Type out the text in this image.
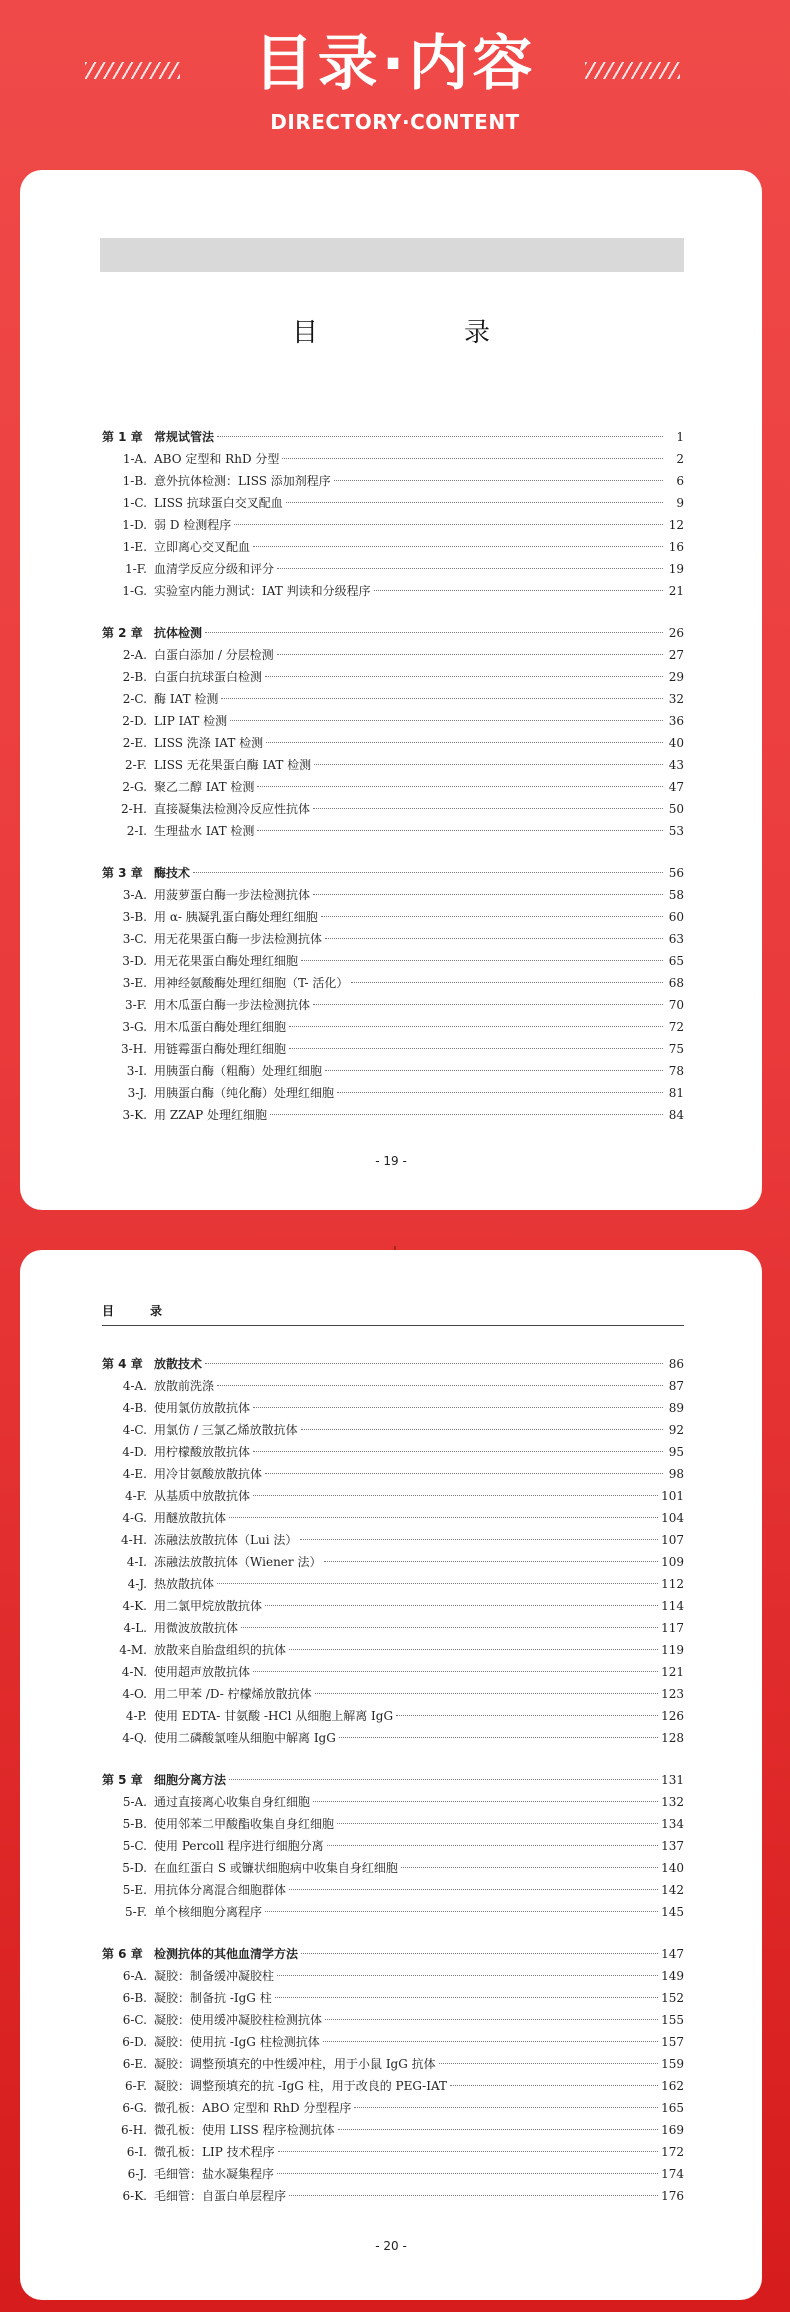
目录·内容
DIRECTORY·CONTENT
目　录
第 1 章 常规试管法	1
1-A. ABO 定型和 RhD 分型	2
1-B. 意外抗体检测：LISS 添加剂程序	6
1-C. LISS 抗球蛋白交叉配血	9
1-D. 弱 D 检测程序	12
1-E. 立即离心交叉配血	16
1-F. 血清学反应分级和评分	19
1-G. 实验室内能力测试：IAT 判读和分级程序	21
第 2 章 抗体检测	26
2-A. 白蛋白添加 / 分层检测	27
2-B. 白蛋白抗球蛋白检测	29
2-C. 酶 IAT 检测	32
2-D. LIP IAT 检测	36
2-E. LISS 洗涤 IAT 检测	40
2-F. LISS 无花果蛋白酶 IAT 检测	43
2-G. 聚乙二醇 IAT 检测	47
2-H. 直接凝集法检测冷反应性抗体	50
2-I. 生理盐水 IAT 检测	53
第 3 章 酶技术	56
3-A. 用菠萝蛋白酶一步法检测抗体	58
3-B. 用 α- 胰凝乳蛋白酶处理红细胞	60
3-C. 用无花果蛋白酶一步法检测抗体	63
3-D. 用无花果蛋白酶处理红细胞	65
3-E. 用神经氨酸酶处理红细胞（T- 活化）	68
3-F. 用木瓜蛋白酶一步法检测抗体	70
3-G. 用木瓜蛋白酶处理红细胞	72
3-H. 用链霉蛋白酶处理红细胞	75
3-I. 用胰蛋白酶（粗酶）处理红细胞	78
3-J. 用胰蛋白酶（纯化酶）处理红细胞	81
3-K. 用 ZZAP 处理红细胞	84
- 19 -
目　录
第 4 章 放散技术	86
4-A. 放散前洗涤	87
4-B. 使用氯仿放散抗体	89
4-C. 用氯仿 / 三氯乙烯放散抗体	92
4-D. 用柠檬酸放散抗体	95
4-E. 用冷甘氨酸放散抗体	98
4-F. 从基质中放散抗体	101
4-G. 用醚放散抗体	104
4-H. 冻融法放散抗体（Lui 法）	107
4-I. 冻融法放散抗体（Wiener 法）	109
4-J. 热放散抗体	112
4-K. 用二氯甲烷放散抗体	114
4-L. 用微波放散抗体	117
4-M. 放散来自胎盘组织的抗体	119
4-N. 使用超声放散抗体	121
4-O. 用二甲苯 /D- 柠檬烯放散抗体	123
4-P. 使用 EDTA- 甘氨酸 -HCl 从细胞上解离 IgG	126
4-Q. 使用二磷酸氯喹从细胞中解离 IgG	128
第 5 章 细胞分离方法	131
5-A. 通过直接离心收集自身红细胞	132
5-B. 使用邻苯二甲酸酯收集自身红细胞	134
5-C. 使用 Percoll 程序进行细胞分离	137
5-D. 在血红蛋白 S 或镰状细胞病中收集自身红细胞	140
5-E. 用抗体分离混合细胞群体	142
5-F. 单个核细胞分离程序	145
第 6 章 检测抗体的其他血清学方法	147
6-A. 凝胶：制备缓冲凝胶柱	149
6-B. 凝胶：制备抗 -IgG 柱	152
6-C. 凝胶：使用缓冲凝胶柱检测抗体	155
6-D. 凝胶：使用抗 -IgG 柱检测抗体	157
6-E. 凝胶：调整预填充的中性缓冲柱，用于小鼠 IgG 抗体	159
6-F. 凝胶：调整预填充的抗 -IgG 柱，用于改良的 PEG-IAT	162
6-G. 微孔板：ABO 定型和 RhD 分型程序	165
6-H. 微孔板：使用 LISS 程序检测抗体	169
6-I. 微孔板：LIP 技术程序	172
6-J. 毛细管：盐水凝集程序	174
6-K. 毛细管：自蛋白单层程序	176
- 20 -
